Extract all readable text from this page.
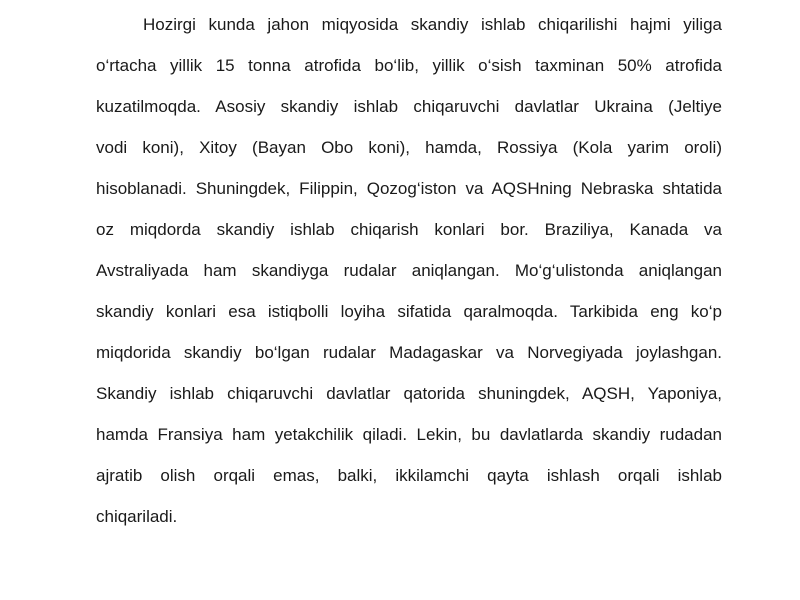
Hozirgi kunda jahon miqyosida skandiy ishlab chiqarilishi hajmi yiliga
o‘rtacha yillik 15 tonna atrofida bo‘lib, yillik o‘sish taxminan 50% atrofida
kuzatilmoqda. Asosiy skandiy ishlab chiqaruvchi davlatlar Ukraina (Jeltiye
vodi koni), Xitoy (Bayan Obo koni), hamda, Rossiya (Kola yarim oroli)
hisoblanadi. Shuningdek, Filippin, Qozog‘iston va AQSHning Nebraska shtatida
oz miqdorda skandiy ishlab chiqarish konlari bor. Braziliya, Kanada va
Avstraliyada ham skandiyga rudalar aniqlangan. Mo‘g‘ulistonda aniqlangan
skandiy konlari esa istiqbolli loyiha sifatida qaralmoqda. Tarkibida eng ko‘p
miqdorida skandiy bo‘lgan rudalar Madagaskar va Norvegiyada joylashgan.
Skandiy ishlab chiqaruvchi davlatlar qatorida shuningdek, AQSH, Yaponiya,
hamda Fransiya ham yetakchilik qiladi. Lekin, bu davlatlarda skandiy rudadan
ajratib olish orqali emas, balki, ikkilamchi qayta ishlash orqali ishlab
chiqariladi.
